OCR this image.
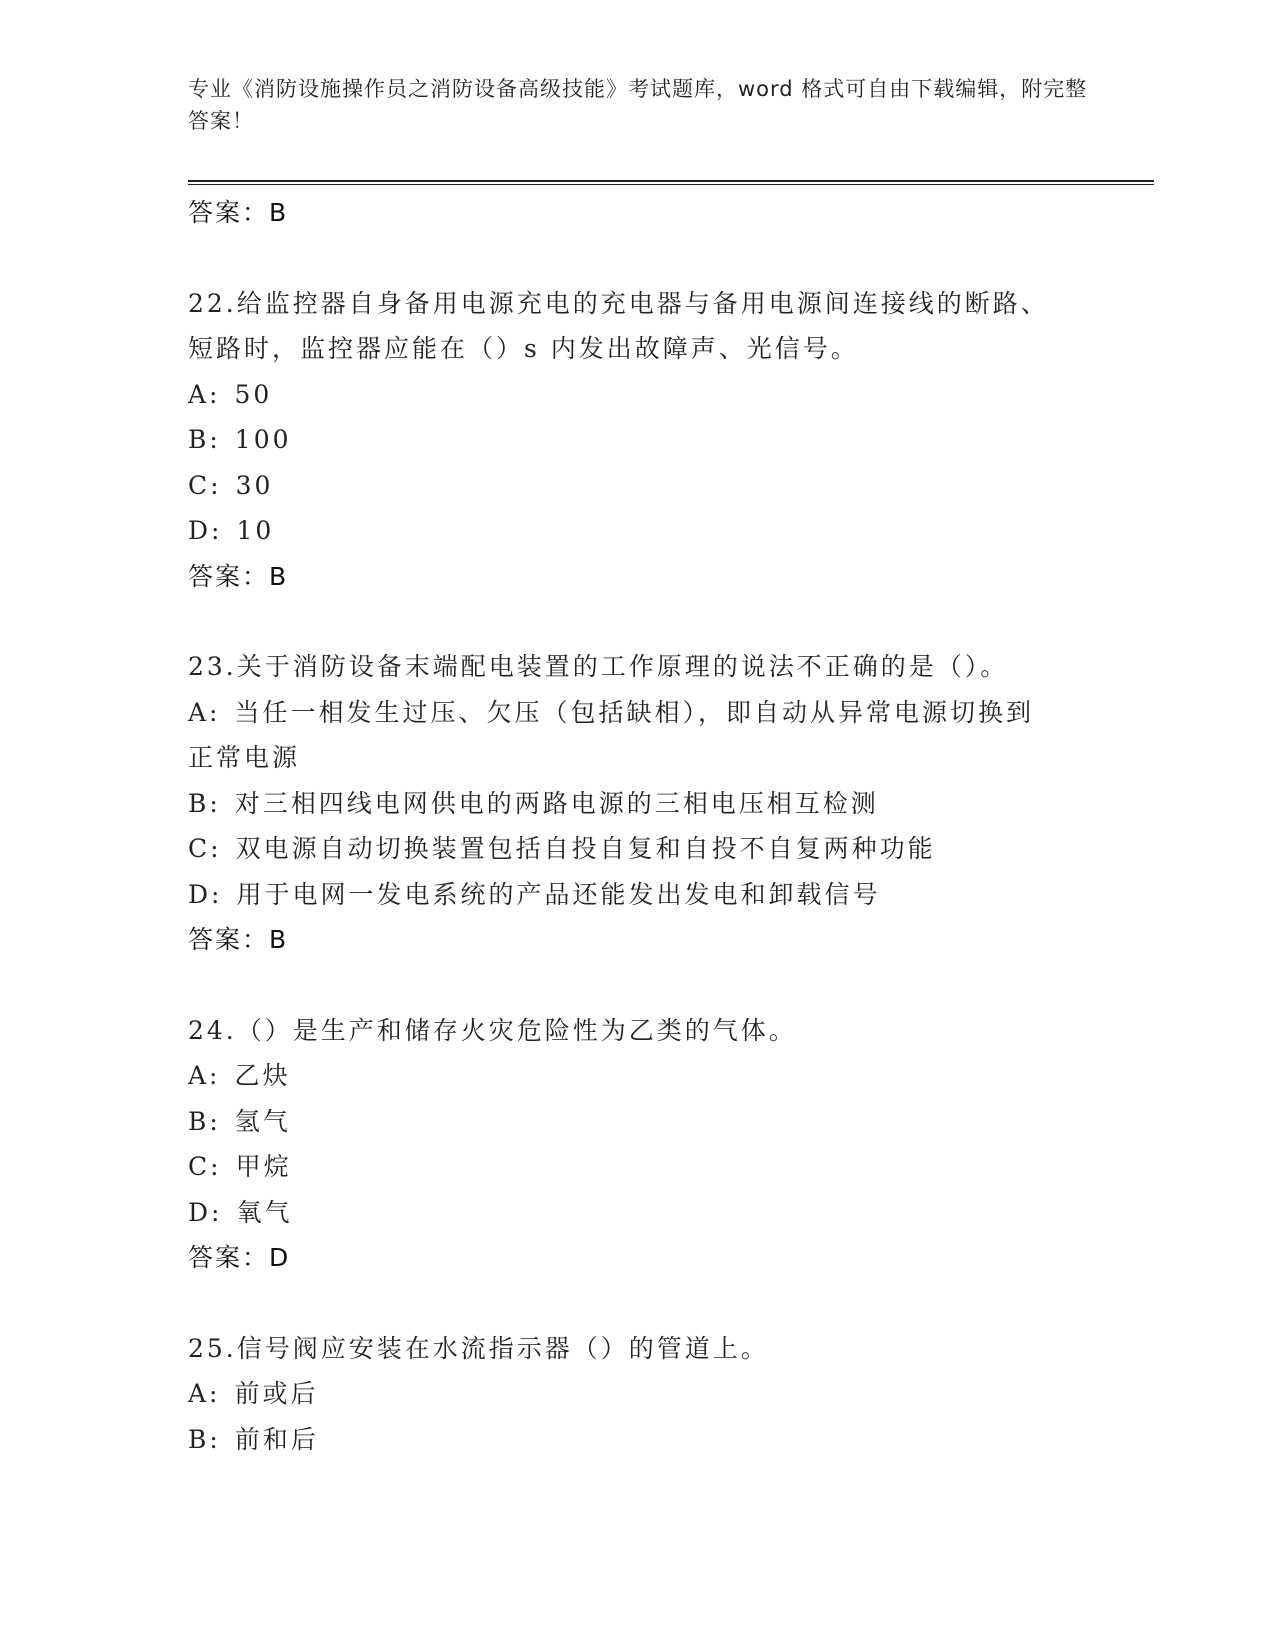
专业《消防设施操作员之消防设备高级技能》考试题库，word 格式可自由下载编辑，附完整答案！
答案：B
22.给监控器自身备用电源充电的充电器与备用电源间连接线的断路、
短路时，监控器应能在（）s 内发出故障声、光信号。
A: 50
B: 100
C: 30
D: 10
答案：B
23.关于消防设备末端配电装置的工作原理的说法不正确的是（）。
A: 当任一相发生过压、欠压（包括缺相），即自动从异常电源切换到
正常电源
B: 对三相四线电网供电的两路电源的三相电压相互检测
C: 双电源自动切换装置包括自投自复和自投不自复两种功能
D: 用于电网一发电系统的产品还能发出发电和卸载信号
答案：B
24.（）是生产和储存火灾危险性为乙类的气体。
A: 乙炔
B: 氢气
C: 甲烷
D: 氧气
答案：D
25.信号阀应安装在水流指示器（）的管道上。
A: 前或后
B: 前和后
